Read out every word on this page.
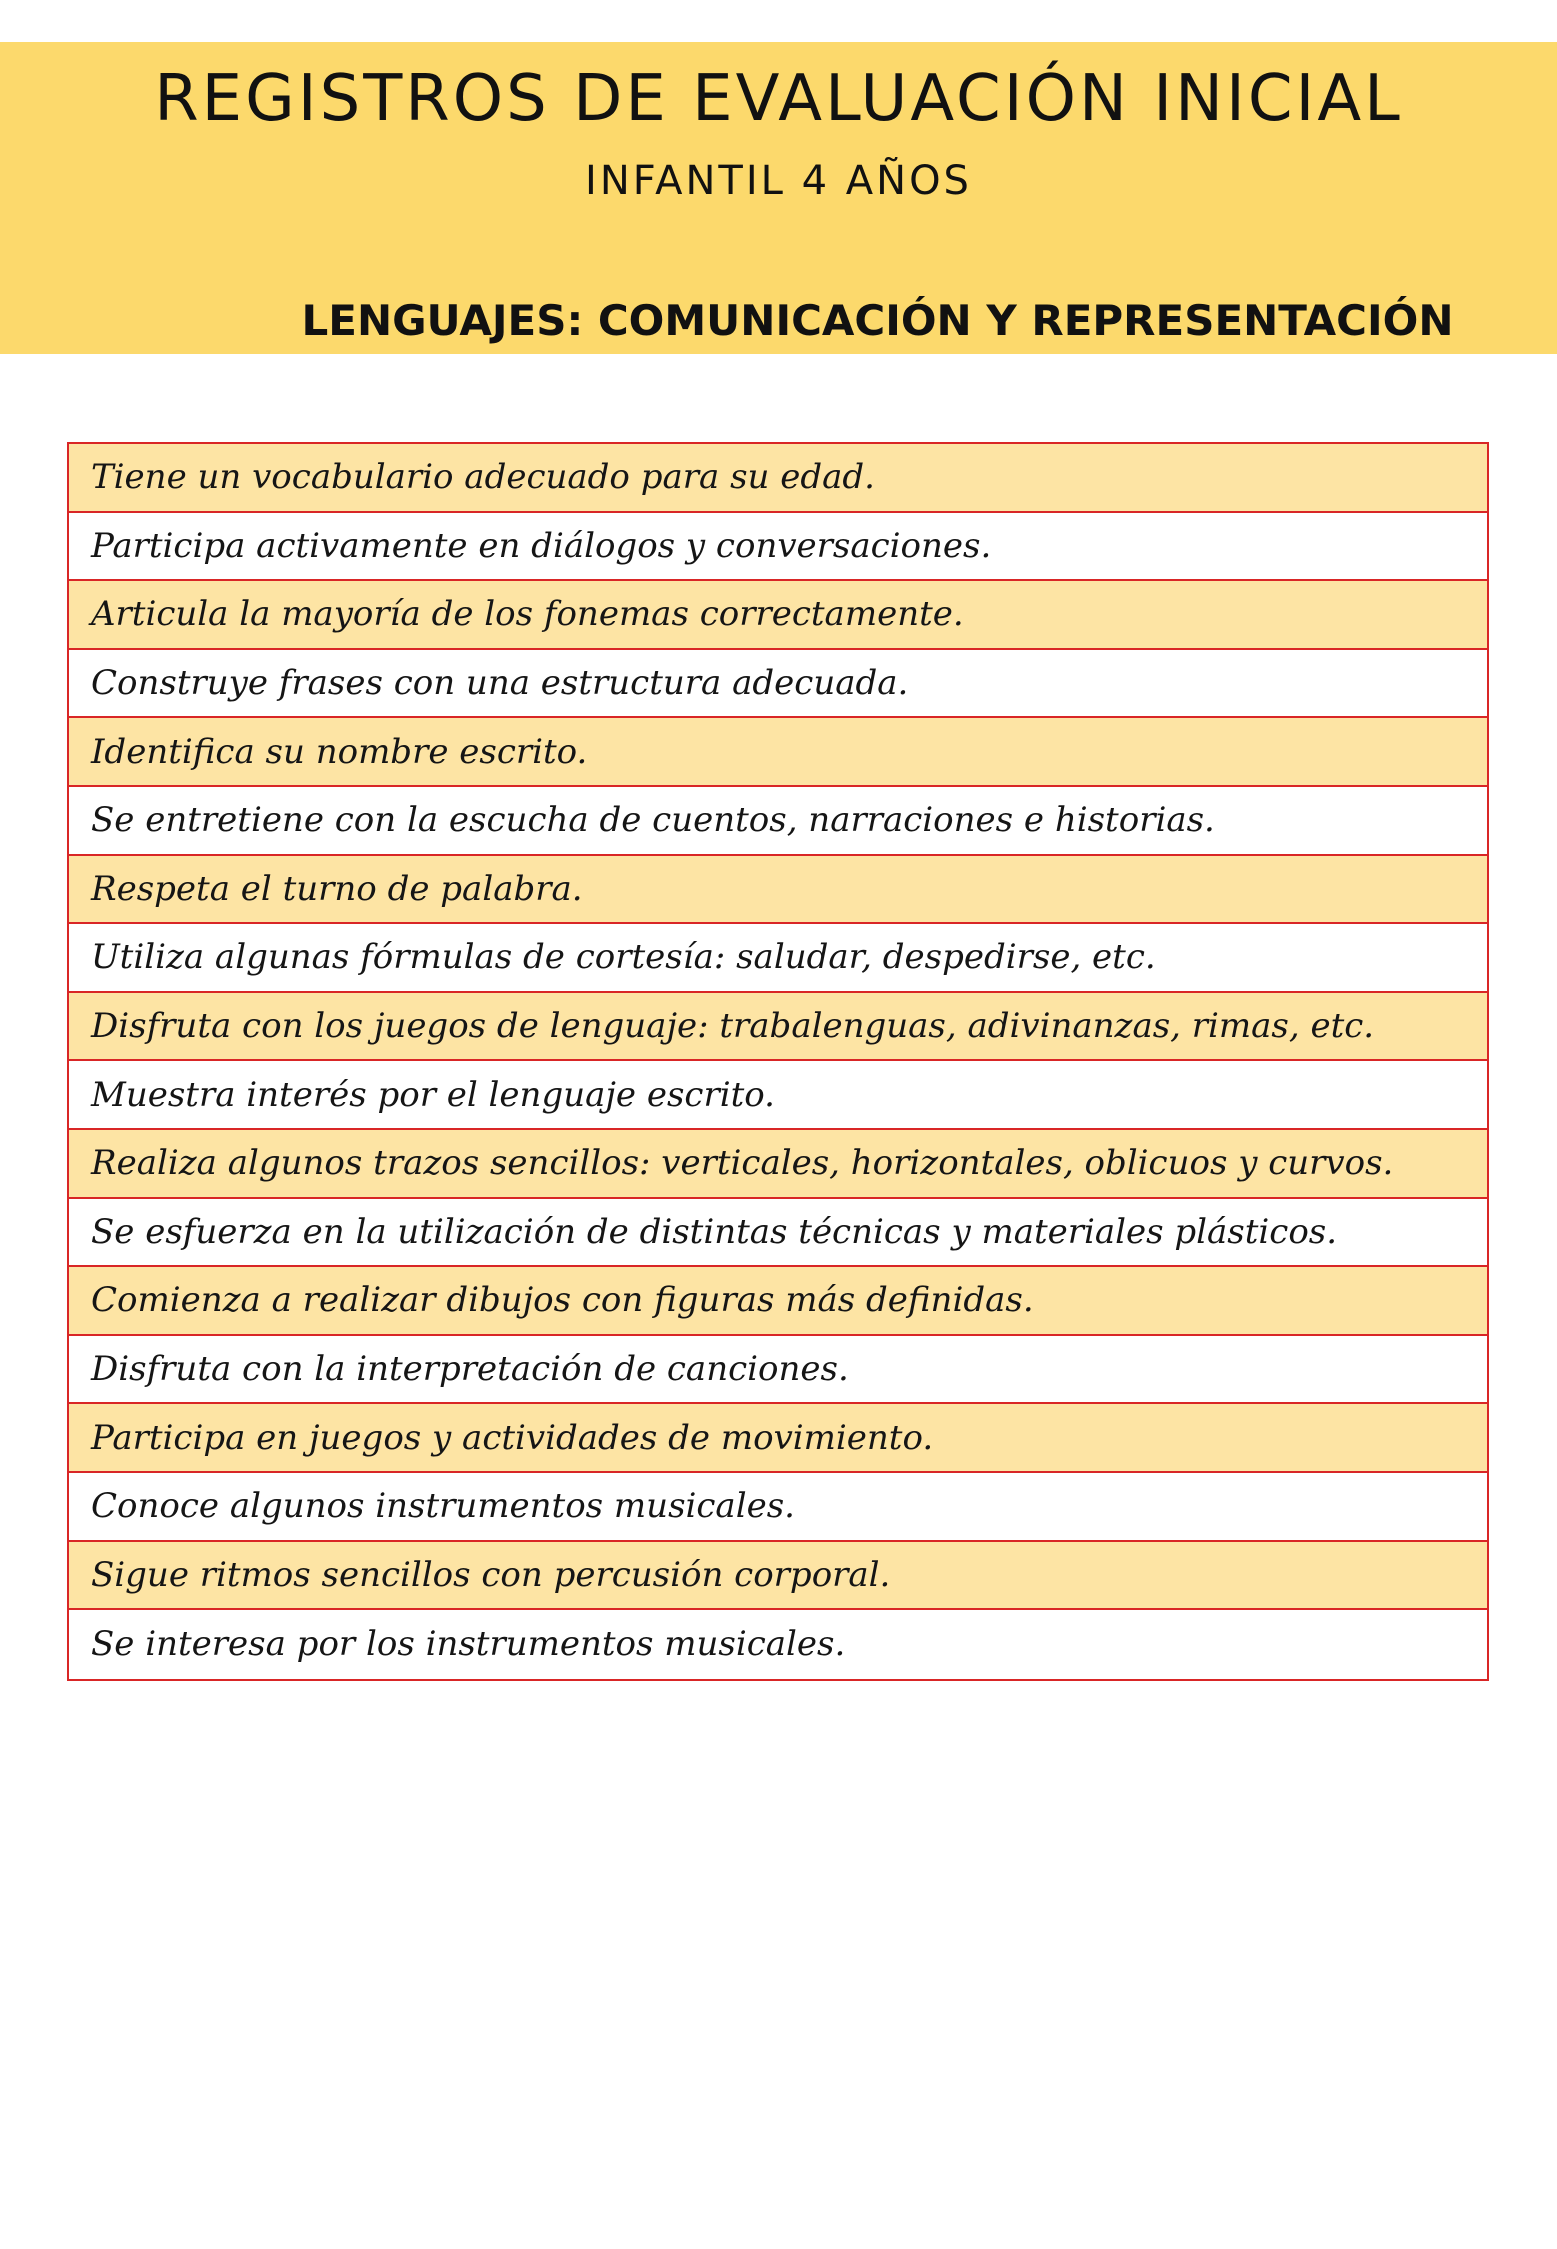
REGISTROS DE EVALUACIÓN INICIAL
INFANTIL 4 AÑOS
LENGUAJES: COMUNICACIÓN Y REPRESENTACIÓN
Tiene un vocabulario adecuado para su edad.
Participa activamente en diálogos y conversaciones.
Articula la mayoría de los fonemas correctamente.
Construye frases con una estructura adecuada.
Identifica su nombre escrito.
Se entretiene con la escucha de cuentos, narraciones e historias.
Respeta el turno de palabra.
Utiliza algunas fórmulas de cortesía: saludar, despedirse, etc.
Disfruta con los juegos de lenguaje: trabalenguas, adivinanzas, rimas, etc.
Muestra interés por el lenguaje escrito.
Realiza algunos trazos sencillos: verticales, horizontales, oblicuos y curvos.
Se esfuerza en la utilización de distintas técnicas y materiales plásticos.
Comienza a realizar dibujos con figuras más definidas.
Disfruta con la interpretación de canciones.
Participa en juegos y actividades de movimiento.
Conoce algunos instrumentos musicales.
Sigue ritmos sencillos con percusión corporal.
Se interesa por los instrumentos musicales.
